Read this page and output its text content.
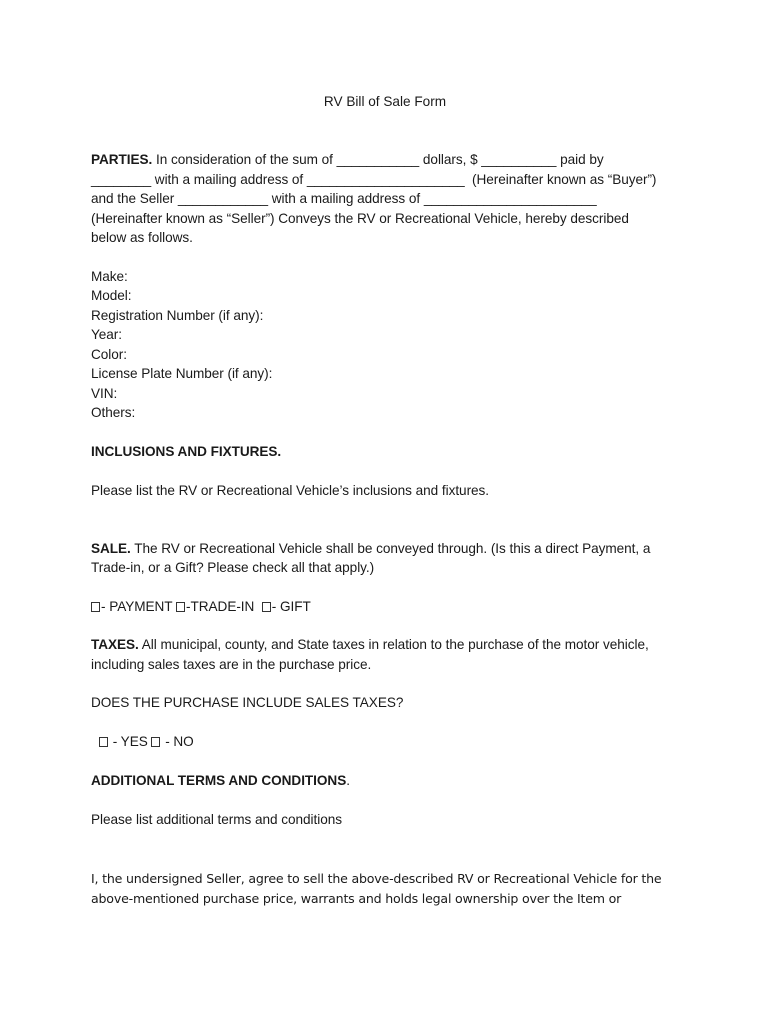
RV Bill of Sale Form
PARTIES. In consideration of the sum of ___________ dollars, $ __________ paid by
________ with a mailing address of _____________________  (Hereinafter known as “Buyer”)
and the Seller ____________ with a mailing address of _______________________
(Hereinafter known as “Seller”) Conveys the RV or Recreational Vehicle, hereby described
below as follows.
Make:
Model:
Registration Number (if any):
Year:
Color:
License Plate Number (if any):
VIN:
Others:
INCLUSIONS AND FIXTURES.
Please list the RV or Recreational Vehicle’s inclusions and fixtures.
SALE. The RV or Recreational Vehicle shall be conveyed through. (Is this a direct Payment, a
Trade-in, or a Gift? Please check all that apply.)
- PAYMENT -TRADE-IN  - GIFT
TAXES. All municipal, county, and State taxes in relation to the purchase of the motor vehicle,
including sales taxes are in the purchase price.
DOES THE PURCHASE INCLUDE SALES TAXES?
- YES  - NO
ADDITIONAL TERMS AND CONDITIONS.
Please list additional terms and conditions
I, the undersigned Seller, agree to sell the above-described RV or Recreational Vehicle for the
above-mentioned purchase price, warrants and holds legal ownership over the Item or
